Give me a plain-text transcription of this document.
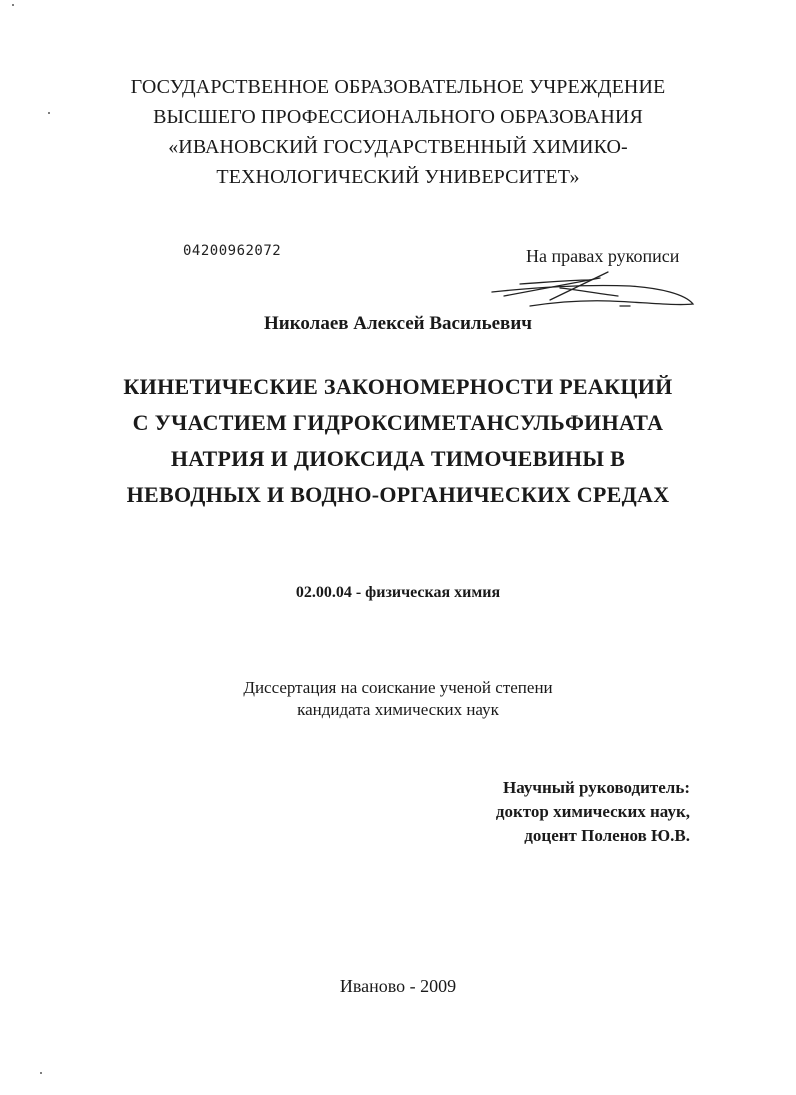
ГОСУДАРСТВЕННОЕ ОБРАЗОВАТЕЛЬНОЕ УЧРЕЖДЕНИЕ
ВЫСШЕГО ПРОФЕССИОНАЛЬНОГО ОБРАЗОВАНИЯ
«ИВАНОВСКИЙ ГОСУДАРСТВЕННЫЙ ХИМИКО-
ТЕХНОЛОГИЧЕСКИЙ УНИВЕРСИТЕТ»
04200962072	На правах рукописи
Николаев Алексей Васильевич
КИНЕТИЧЕСКИЕ ЗАКОНОМЕРНОСТИ РЕАКЦИЙ
С УЧАСТИЕМ ГИДРОКСИМЕТАНСУЛЬФИНАТА
НАТРИЯ И ДИОКСИДА ТИМОЧЕВИНЫ В
НЕВОДНЫХ И ВОДНО-ОРГАНИЧЕСКИХ СРЕДАХ
02.00.04 - физическая химия
Диссертация на соискание ученой степени
кандидата химических наук
Научный руководитель:
доктор химических наук,
доцент Поленов Ю.В.
Иваново - 2009
